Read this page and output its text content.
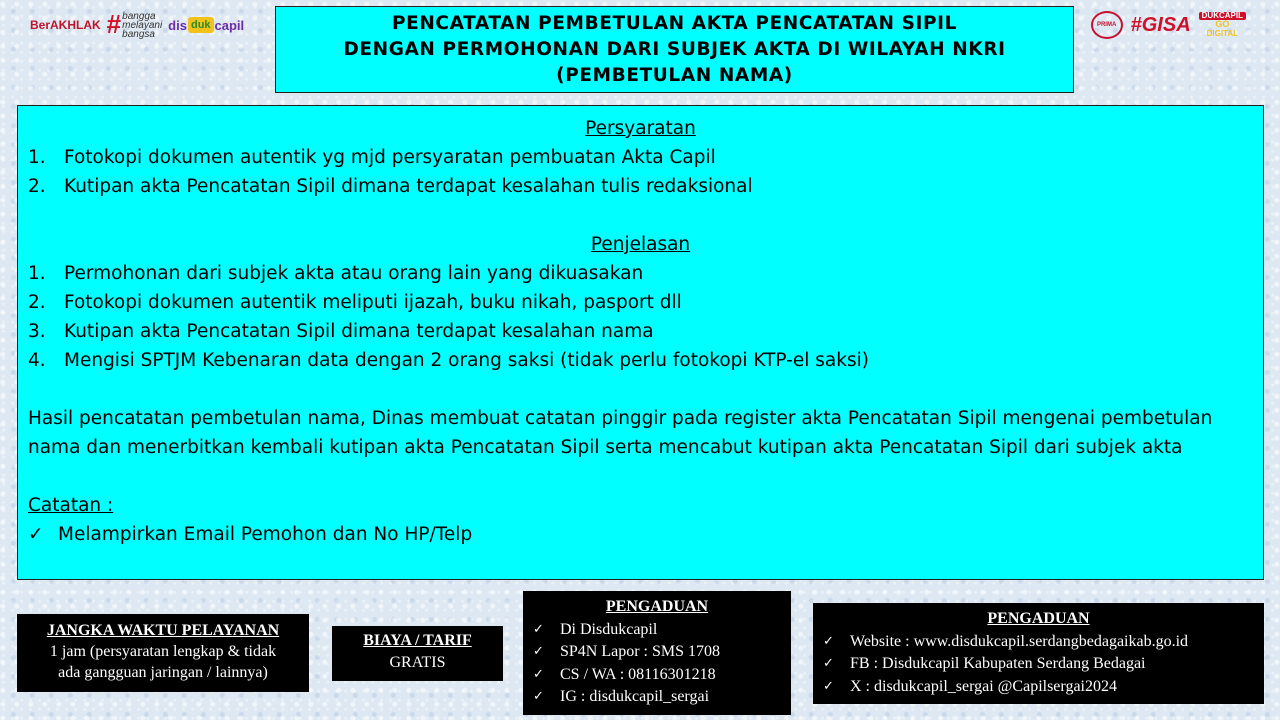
BerAKHLAK # bangga
melayani
bangsa
dis duk capil	PRIMA #GISA	DUKCAPIL
GO
DIGITAL
PENCATATAN PEMBETULAN AKTA PENCATATAN SIPIL
DENGAN PERMOHONAN DARI SUBJEK AKTA DI WILAYAH NKRI
(PEMBETULAN NAMA)
Persyaratan
1. Fotokopi dokumen autentik yg mjd persyaratan pembuatan Akta Capil
2. Kutipan akta Pencatatan Sipil dimana terdapat kesalahan tulis redaksional
Penjelasan
1. Permohonan dari subjek akta atau orang lain yang dikuasakan
2. Fotokopi dokumen autentik meliputi ijazah, buku nikah, pasport dll
3. Kutipan akta Pencatatan Sipil dimana terdapat kesalahan nama
4. Mengisi SPTJM Kebenaran data dengan 2 orang saksi (tidak perlu fotokopi KTP-el saksi)

Hasil pencatatan pembetulan nama, Dinas membuat catatan pinggir pada register akta Pencatatan Sipil mengenai pembetulan nama dan menerbitkan kembali kutipan akta Pencatatan Sipil serta mencabut kutipan akta Pencatatan Sipil dari subjek akta

Catatan :
✓ Melampirkan Email Pemohon dan No HP/Telp
JANGKA WAKTU PELAYANAN
1 jam (persyaratan lengkap & tidak
ada gangguan jaringan / lainnya)
BIAYA / TARIF
GRATIS
PENGADUAN
✓	Di Disdukcapil
✓	SP4N Lapor : SMS 1708
✓	CS / WA : 08116301218
✓	IG : disdukcapil_sergai
PENGADUAN
✓	Website : www.disdukcapil.serdangbedagaikab.go.id
✓	FB : Disdukcapil Kabupaten Serdang Bedagai
✓	X : disdukcapil_sergai @Capilsergai2024
